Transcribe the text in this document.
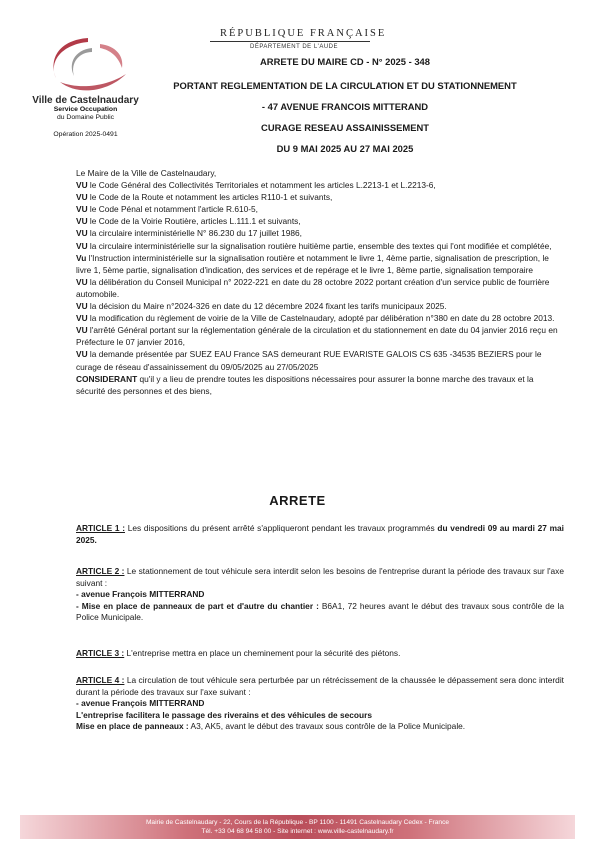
RÉPUBLIQUE FRANÇAISE
DÉPARTEMENT DE L'AUDE
Ville de Castelnaudary
Service Occupation
du Domaine Public
Opération 2025-0491
ARRETE DU MAIRE CD - N° 2025 - 348
PORTANT REGLEMENTATION DE LA CIRCULATION ET DU STATIONNEMENT
- 47 AVENUE FRANCOIS MITTERAND
CURAGE RESEAU ASSAINISSEMENT
DU 9 MAI 2025 AU 27 MAI 2025

Le Maire de la Ville de Castelnaudary,

VU le Code Général des Collectivités Territoriales et notamment les articles L.2213-1 et L.2213-6,

VU le Code de la Route et notamment les articles R110-1 et suivants,

VU le Code Pénal et notamment l'article R.610-5,

VU le Code de la Voirie Routière, articles L.111.1 et suivants,

VU la circulaire interministérielle N° 86.230 du 17 juillet 1986,

VU la circulaire interministérielle sur la signalisation routière huitième partie, ensemble des textes qui l'ont modifiée et complétée,

Vu l'Instruction interministérielle sur la signalisation routière et notamment le livre 1, 4ème partie, signalisation de prescription, le livre 1, 5ème partie, signalisation d'indication, des services et de repérage et le livre 1, 8ème partie, signalisation temporaire

VU la délibération du Conseil Municipal n° 2022-221 en date du 28 octobre 2022 portant création d'un service public de fourrière automobile.

VU la décision du Maire n°2024-326 en date du 12 décembre 2024 fixant les tarifs municipaux 2025.

VU la modification du règlement de voirie de la Ville de Castelnaudary, adopté par délibération n°380 en date du 28 octobre 2013.

VU l'arrêté Général portant sur la réglementation générale de la circulation et du stationnement en date du 04 janvier 2016 reçu en Préfecture le 07 janvier 2016,

VU la demande présentée par SUEZ EAU France SAS demeurant RUE EVARISTE GALOIS CS 635 -34535 BEZIERS pour le curage de réseau d'assainissement du 09/05/2025 au 27/05/2025

CONSIDERANT qu'il y a lieu de prendre toutes les dispositions nécessaires pour assurer la bonne marche des travaux et la sécurité des personnes et des biens,

ARRETE

ARTICLE 1 : Les dispositions du présent arrêté s'appliqueront pendant les travaux programmés du vendredi 09 au mardi 27 mai 2025.

ARTICLE 2 : Le stationnement de tout véhicule sera interdit selon les besoins de l'entreprise durant la période des travaux sur l'axe suivant :

- avenue François MITTERRAND

- Mise en place de panneaux de part et d'autre du chantier : B6A1, 72 heures avant le début des travaux sous contrôle de la Police Municipale.

ARTICLE 3 : L'entreprise mettra en place un cheminement pour la sécurité des piétons.

ARTICLE 4 : La circulation de tout véhicule sera perturbée par un rétrécissement de la chaussée le dépassement sera donc interdit durant la période des travaux sur l'axe suivant :

- avenue François MITTERRAND

L'entreprise facilitera le passage des riverains et des véhicules de secours

Mise en place de panneaux : A3, AK5, avant le début des travaux sous contrôle de la Police Municipale.

Mairie de Castelnaudary - 22, Cours de la République - BP 1100 - 11491 Castelnaudary Cedex - France
Tél. +33 04 68 94 58 00 - Site internet : www.ville-castelnaudary.fr
